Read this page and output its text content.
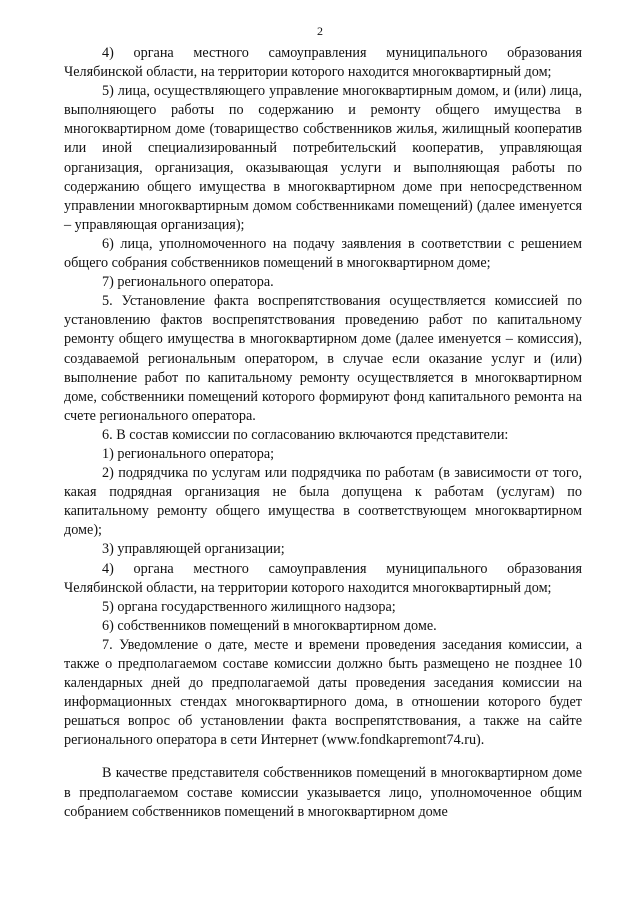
2

4) органа местного самоуправления муниципального образования Челябинской области, на территории которого находится многоквартирный дом;

5) лица, осуществляющего управление многоквартирным домом, и (или) лица, выполняющего работы по содержанию и ремонту общего имущества в многоквартирном доме (товарищество собственников жилья, жилищный кооператив или иной специализированный потребительский кооператив, управляющая организация, организация, оказывающая услуги и выполняющая работы по содержанию общего имущества в многоквартирном доме при непосредственном управлении многоквартирным домом собственниками помещений) (далее именуется – управляющая организация);

6) лица, уполномоченного на подачу заявления в соответствии с решением общего собрания собственников помещений в многоквартирном доме;

7) регионального оператора.

5. Установление факта воспрепятствования осуществляется комиссией по установлению фактов воспрепятствования проведению работ по капитальному ремонту общего имущества в многоквартирном доме (далее именуется – комиссия), создаваемой региональным оператором, в случае если оказание услуг и (или) выполнение работ по капитальному ремонту осуществляется в многоквартирном доме, собственники помещений которого формируют фонд капитального ремонта на счете регионального оператора.

6. В состав комиссии по согласованию включаются представители:

1) регионального оператора;

2) подрядчика по услугам или подрядчика по работам (в зависимости от того, какая подрядная организация не была допущена к работам (услугам) по капитальному ремонту общего имущества в соответствующем многоквартирном доме);

3) управляющей организации;

4) органа местного самоуправления муниципального образования Челябинской области, на территории которого находится многоквартирный дом;

5) органа государственного жилищного надзора;

6) собственников помещений в многоквартирном доме.

7. Уведомление о дате, месте и времени проведения заседания комиссии, а также о предполагаемом составе комиссии должно быть размещено не позднее 10 календарных дней до предполагаемой даты проведения заседания комиссии на информационных стендах многоквартирного дома, в отношении которого будет решаться вопрос об установлении факта воспрепятствования, а также на сайте регионального оператора в сети Интернет (www.fondkapremont74.ru).

В качестве представителя собственников помещений в многоквартирном доме в предполагаемом составе комиссии указывается лицо, уполномоченное общим собранием собственников помещений в многоквартирном доме
